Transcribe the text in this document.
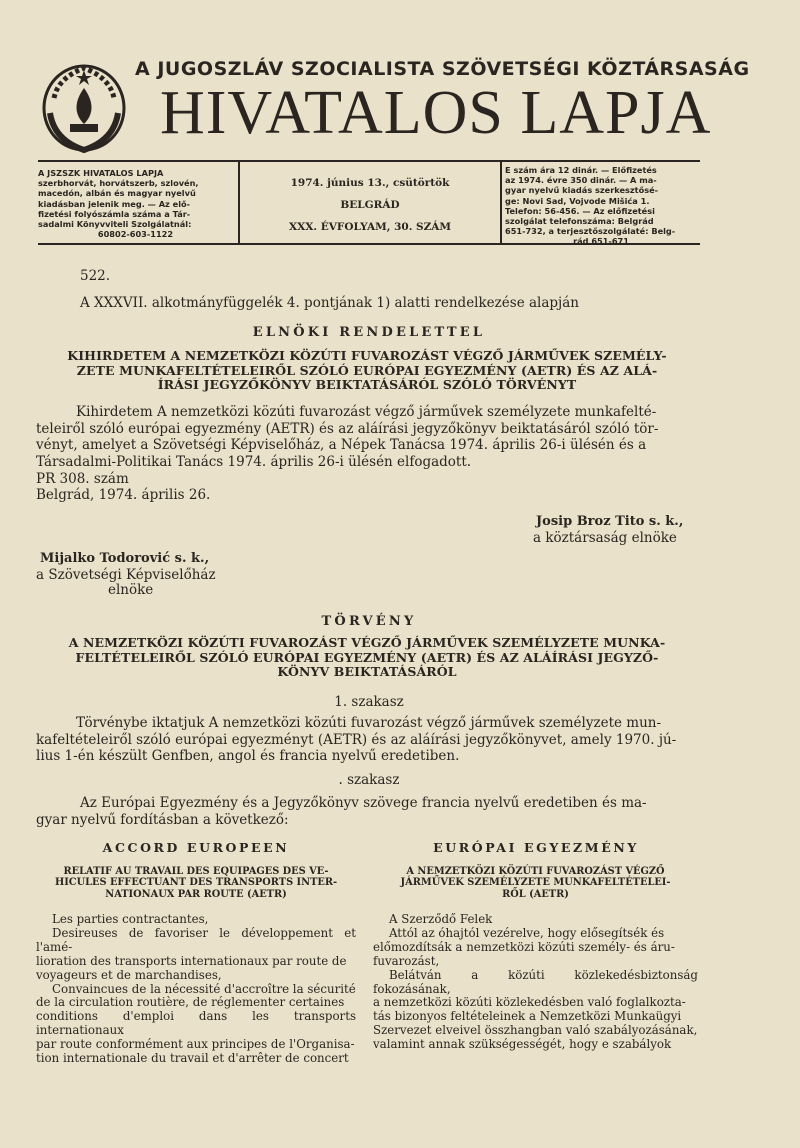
A JUGOSZLÁV SZOCIALISTA SZÖVETSÉGI KÖZTÁRSASÁG
HIVATALOS LAPJA
A JSZSZK HIVATALOS LAPJA
szerbhorvát, horvátszerb, szlovén,
macedón, albán és magyar nyelvű
kiadásban jelenik meg. — Az elő-
fizetési folyószámla száma a Tár-
sadalmi Könyvviteli Szolgálatnál:
60802-603-1122
1974. június 13., csütörtök
BELGRÁD
XXX. ÉVFOLYAM, 30. SZÁM
E szám ára 12 dinár. — Előfizetés
az 1974. évre 350 dinár. — A ma-
gyar nyelvű kiadás szerkesztősé-
ge: Novi Sad, Vojvode Mišića 1.
Telefon: 56-456. — Az előfizetési
szolgálat telefonszáma: Belgrád
651-732, a terjesztőszolgálaté: Belg-
rád 651-671
522.
A XXXVII. alkotmányfüggelék 4. pontjának 1) alatti rendelkezése alapján
ELNÖKI RENDELETTEL
KIHIRDETEM A NEMZETKÖZI KÖZÚTI FUVAROZÁST VÉGZŐ JÁRMŰVEK SZEMÉLY-
ZETE MUNKAFELTÉTELEIRŐL SZÓLÓ EURÓPAI EGYEZMÉNY (AETR) ÉS AZ ALÁ-
ÍRÁSI JEGYZŐKÖNYV BEIKTATÁSÁRÓL SZÓLÓ TÖRVÉNYT
Kihirdetem A nemzetközi közúti fuvarozást végző járművek személyzete munkafelté-
teleiről szóló európai egyezmény (AETR) és az aláírási jegyzőkönyv beiktatásáról szóló tör-
vényt, amelyet a Szövetségi Képviselőház, a Népek Tanácsa 1974. április 26-i ülésén és a
Társadalmi-Politikai Tanács 1974. április 26-i ülésén elfogadott.
PR 308. szám
Belgrád, 1974. április 26.
Josip Broz Tito s. k.,
a köztársaság elnöke
Mijalko Todorović s. k.,
a Szövetségi Képviselőház
elnöke
TÖRVÉNY
A NEMZETKÖZI KÖZÚTI FUVAROZÁST VÉGZŐ JÁRMŰVEK SZEMÉLYZETE MUNKA-
FELTÉTELEIRŐL SZÓLÓ EURÓPAI EGYEZMÉNY (AETR) ÉS AZ ALÁÍRÁSI JEGYZŐ-
KÖNYV BEIKTATÁSÁRÓL
1. szakasz
Törvénybe iktatjuk A nemzetközi közúti fuvarozást végző járművek személyzete mun-
kafeltételeiről szóló európai egyezményt (AETR) és az aláírási jegyzőkönyvet, amely 1970. jú-
lius 1-én készült Genfben, angol és francia nyelvű eredetiben.
. szakasz
Az Európai Egyezmény és a Jegyzőkönyv szövege francia nyelvű eredetiben és ma-
gyar nyelvű fordításban a következő:
ACCORD EUROPEEN	EURÓPAI EGYEZMÉNY
RELATIF AU TRAVAIL DES EQUIPAGES DES VE-
HICULES EFFECTUANT DES TRANSPORTS INTER-
NATIONAUX PAR ROUTE (AETR)
A NEMZETKÖZI KÖZÚTI FUVAROZÁST VÉGZŐ
JÁRMŰVEK SZEMÉLYZETE MUNKAFELTÉTELEI-
RŐL (AETR)
Les parties contractantes,
Desireuses de favoriser le développement et l'amé-
lioration des transports internationaux par route de
voyageurs et de marchandises,
Convaincues de la nécessité d'accroître la sécurité
de la circulation routière, de réglementer certaines
conditions d'emploi dans les transports internationaux
par route conformément aux principes de l'Organisa-
tion internationale du travail et d'arrêter de concert
A Szerződő Felek
Attól az óhajtól vezérelve, hogy elősegítsék és
előmozdítsák a nemzetközi közúti személy- és áru-
fuvarozást,
Belátván a közúti közlekedésbiztonság fokozásának,
a nemzetközi közúti közlekedésben való foglalkozta-
tás bizonyos feltételeinek a Nemzetközi Munkaügyi
Szervezet elveivel összhangban való szabályozásának,
valamint annak szükségességét, hogy e szabályok
